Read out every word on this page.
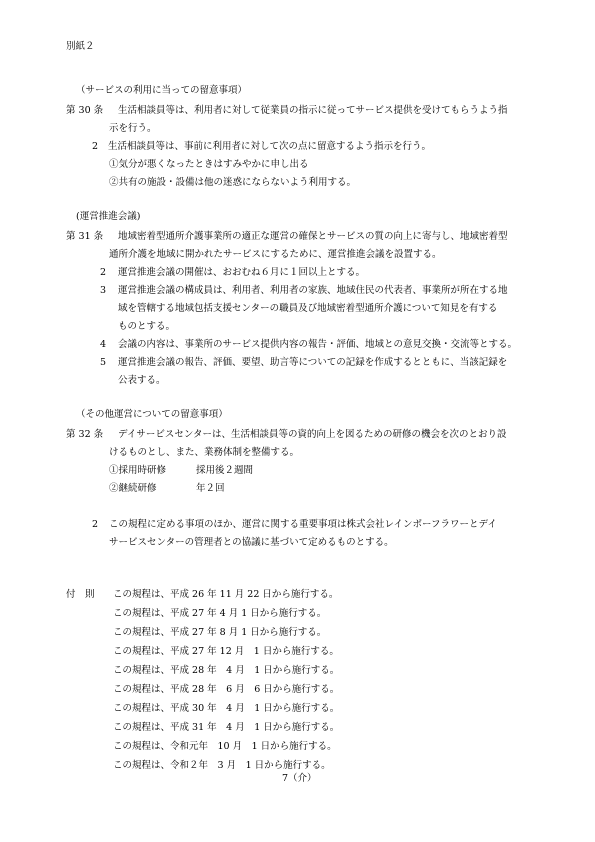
別紙２
（サービスの利用に当っての留意事項）
第 30 条 生活相談員等は、利用者に対して従業員の指示に従ってサービス提供を受けてもらうよう指
示を行う。
2 生活相談員等は、事前に利用者に対して次の点に留意するよう指示を行う。
①気分が悪くなったときはすみやかに申し出る
②共有の施設・設備は他の迷惑にならないよう利用する。
(運営推進会議)
第 31 条 地域密着型通所介護事業所の適正な運営の確保とサービスの質の向上に寄与し、地域密着型
通所介護を地域に開かれたサービスにするために、運営推進会議を設置する。
2 運営推進会議の開催は、おおむね６月に１回以上とする。
3 運営推進会議の構成員は、利用者、利用者の家族、地域住民の代表者、事業所が所在する地
域を管轄する地域包括支援センターの職員及び地域密着型通所介護について知見を有する
ものとする。
4 会議の内容は、事業所のサービス提供内容の報告・評価、地域との意見交換・交流等とする。
5 運営推進会議の報告、評価、要望、助言等についての記録を作成するとともに、当該記録を
公表する。
（その他運営についての留意事項）
第 32 条 デイサービスセンターは、生活相談員等の資的向上を図るための研修の機会を次のとおり設
けるものとし、また、業務体制を整備する。
①採用時研修	採用後２週間
②継続研修	年２回
2 この規程に定める事項のほか、運営に関する重要事項は株式会社レインボーフラワーとデイ
サービスセンターの管理者との協議に基づいて定めるものとする。
付　則 この規程は、平成 26 年 11 月 22 日から施行する。
この規程は、平成 27 年 4 月 1 日から施行する。
この規程は、平成 27 年 8 月 1 日から施行する。
この規程は、平成 27 年 12 月　1 日から施行する。
この規程は、平成 28 年　4 月　1 日から施行する。
この規程は、平成 28 年　6 月　6 日から施行する。
この規程は、平成 30 年　4 月　1 日から施行する。
この規程は、平成 31 年　4 月　1 日から施行する。
この規程は、令和元年　10 月　1 日から施行する。
この規程は、令和２年　3 月　1 日から施行する。
7（介）
